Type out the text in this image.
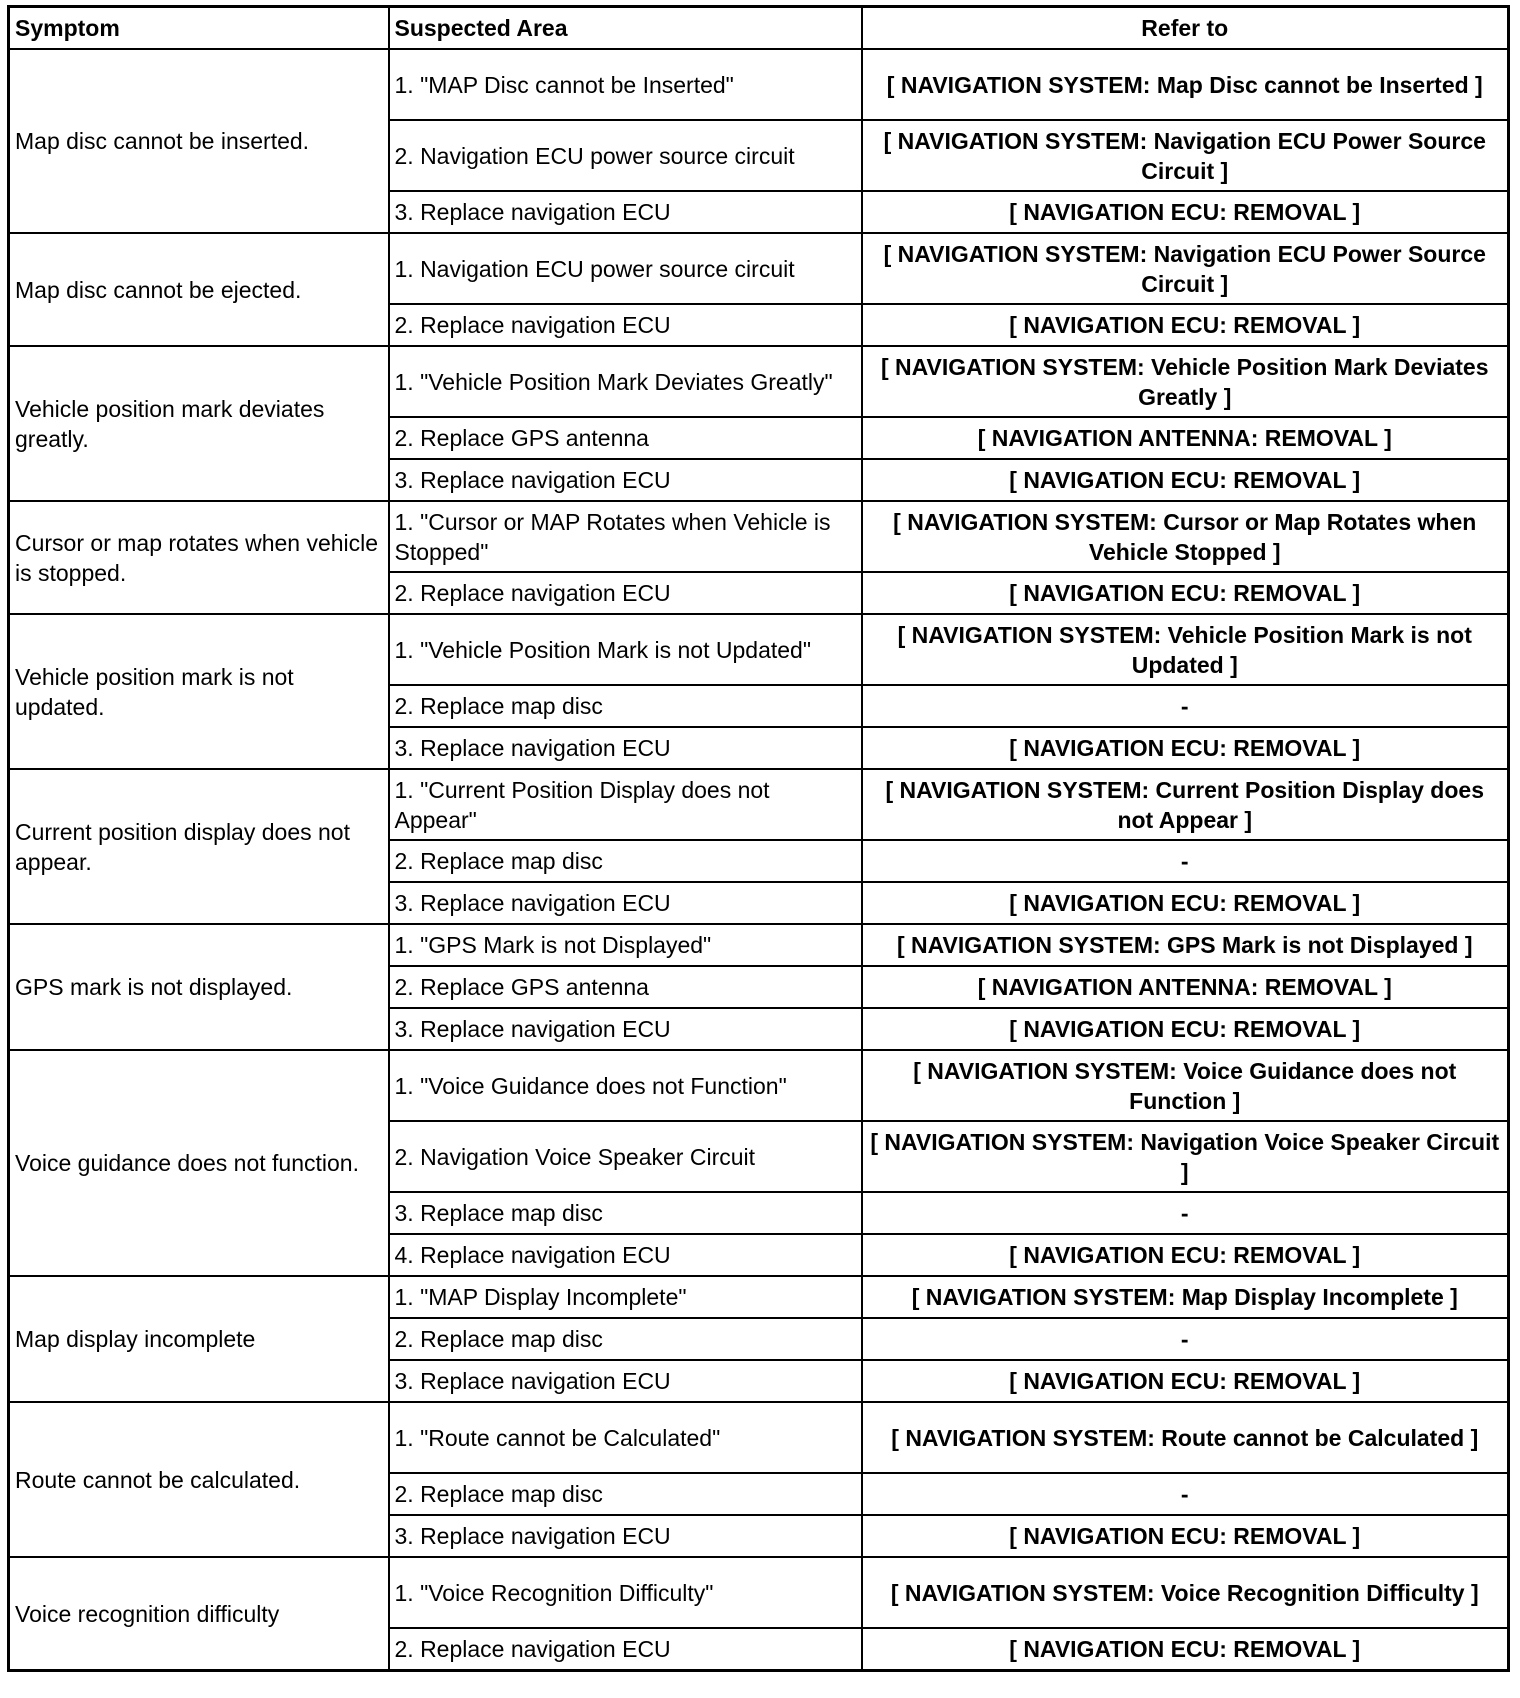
Symptom	Suspected Area	Refer to
Map disc cannot be inserted.	1. "MAP Disc cannot be Inserted"	[ NAVIGATION SYSTEM: Map Disc cannot be Inserted ]
	2. Navigation ECU power source circuit	[ NAVIGATION SYSTEM: Navigation ECU Power Source Circuit ]
	3. Replace navigation ECU	[ NAVIGATION ECU: REMOVAL ]
Map disc cannot be ejected.	1. Navigation ECU power source circuit	[ NAVIGATION SYSTEM: Navigation ECU Power Source Circuit ]
	2. Replace navigation ECU	[ NAVIGATION ECU: REMOVAL ]
Vehicle position mark deviates greatly.	1. "Vehicle Position Mark Deviates Greatly"	[ NAVIGATION SYSTEM: Vehicle Position Mark Deviates Greatly ]
	2. Replace GPS antenna	[ NAVIGATION ANTENNA: REMOVAL ]
	3. Replace navigation ECU	[ NAVIGATION ECU: REMOVAL ]
Cursor or map rotates when vehicle is stopped.	1. "Cursor or MAP Rotates when Vehicle is Stopped"	[ NAVIGATION SYSTEM: Cursor or Map Rotates when Vehicle Stopped ]
	2. Replace navigation ECU	[ NAVIGATION ECU: REMOVAL ]
Vehicle position mark is not updated.	1. "Vehicle Position Mark is not Updated"	[ NAVIGATION SYSTEM: Vehicle Position Mark is not Updated ]
	2. Replace map disc	-
	3. Replace navigation ECU	[ NAVIGATION ECU: REMOVAL ]
Current position display does not appear.	1. "Current Position Display does not Appear"	[ NAVIGATION SYSTEM: Current Position Display does not Appear ]
	2. Replace map disc	-
	3. Replace navigation ECU	[ NAVIGATION ECU: REMOVAL ]
GPS mark is not displayed.	1. "GPS Mark is not Displayed"	[ NAVIGATION SYSTEM: GPS Mark is not Displayed ]
	2. Replace GPS antenna	[ NAVIGATION ANTENNA: REMOVAL ]
	3. Replace navigation ECU	[ NAVIGATION ECU: REMOVAL ]
Voice guidance does not function.	1. "Voice Guidance does not Function"	[ NAVIGATION SYSTEM: Voice Guidance does not Function ]
	2. Navigation Voice Speaker Circuit	[ NAVIGATION SYSTEM: Navigation Voice Speaker Circuit ]
	3. Replace map disc	-
	4. Replace navigation ECU	[ NAVIGATION ECU: REMOVAL ]
Map display incomplete	1. "MAP Display Incomplete"	[ NAVIGATION SYSTEM: Map Display Incomplete ]
	2. Replace map disc	-
	3. Replace navigation ECU	[ NAVIGATION ECU: REMOVAL ]
Route cannot be calculated.	1. "Route cannot be Calculated"	[ NAVIGATION SYSTEM: Route cannot be Calculated ]
	2. Replace map disc	-
	3. Replace navigation ECU	[ NAVIGATION ECU: REMOVAL ]
Voice recognition difficulty	1. "Voice Recognition Difficulty"	[ NAVIGATION SYSTEM: Voice Recognition Difficulty ]
	2. Replace navigation ECU	[ NAVIGATION ECU: REMOVAL ]
